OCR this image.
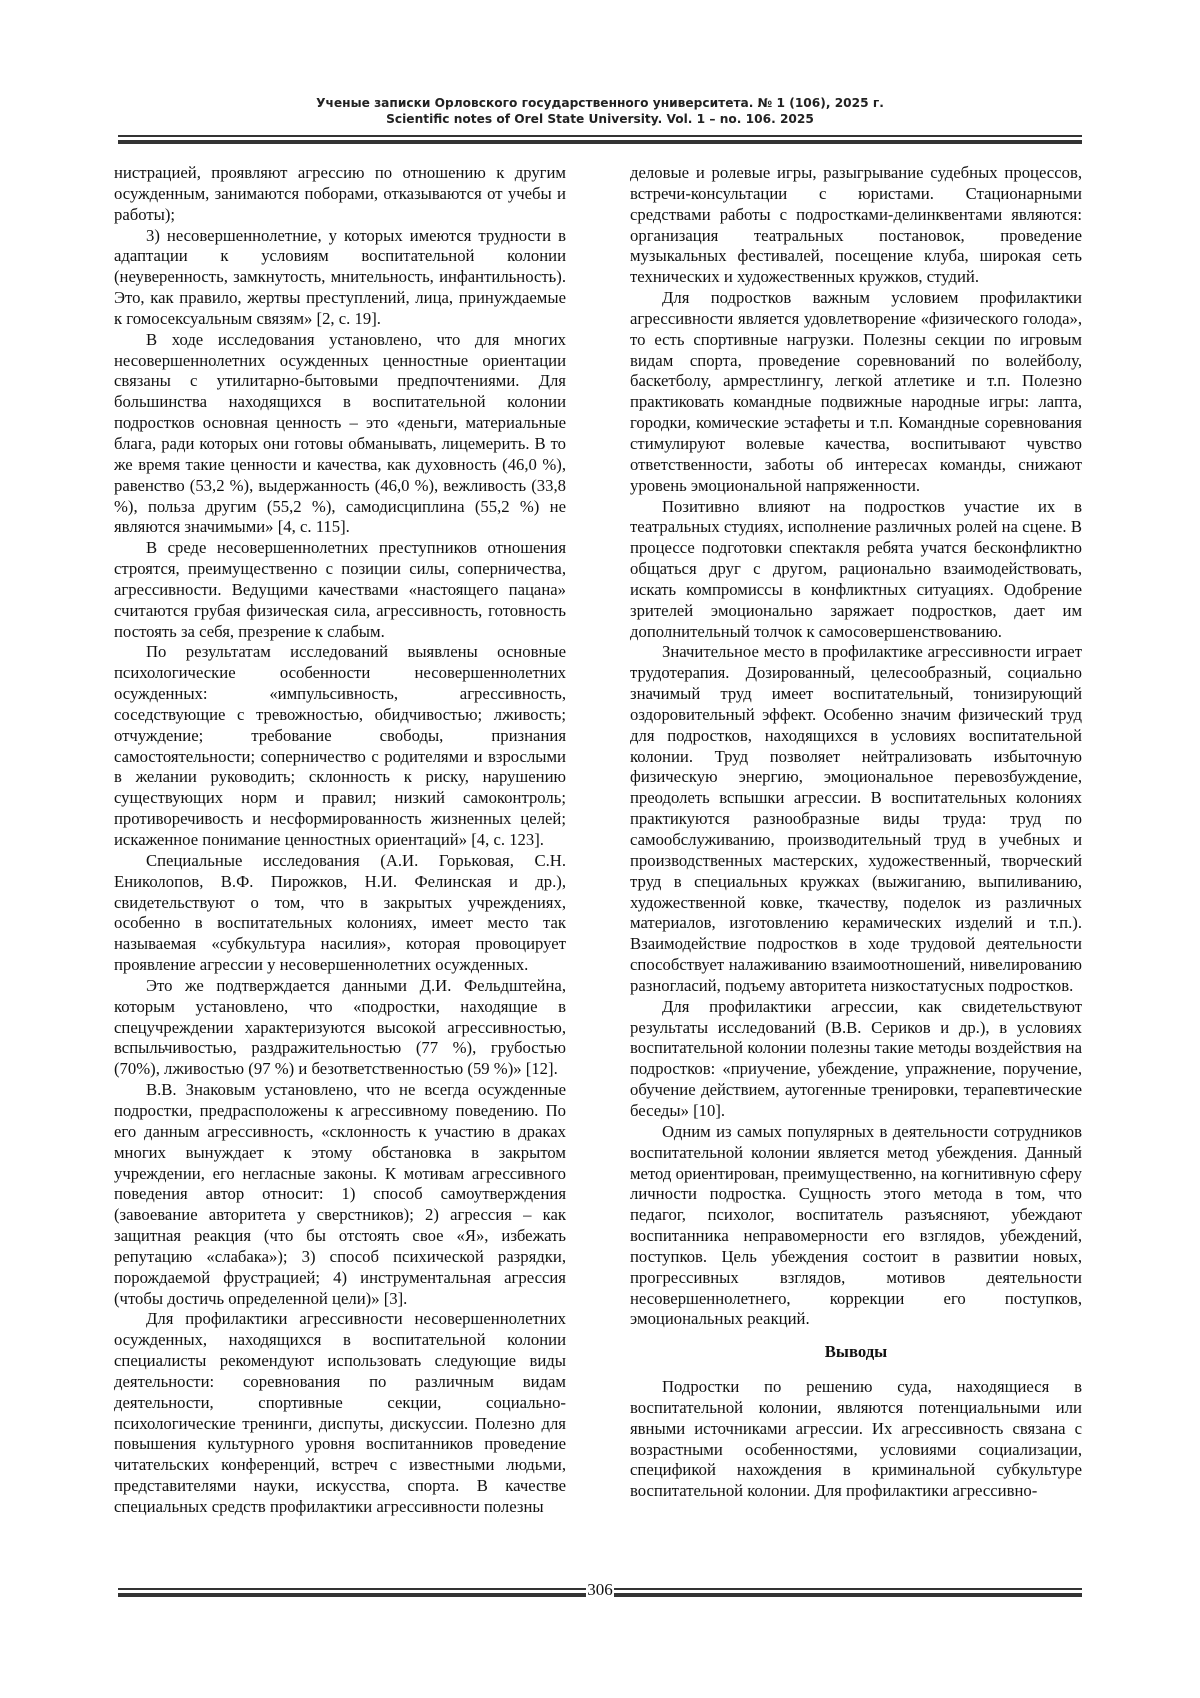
Ученые записки Орловского государственного университета. № 1 (106), 2025 г.
Scientific notes of Orel State University. Vol. 1 – no. 106. 2025

нистрацией, проявляют агрессию по отношению к другим осужденным, занимаются поборами, отказываются от учебы и работы);

3) несовершеннолетние, у которых имеются трудности в адаптации к условиям воспитательной колонии (неуверенность, замкнутость, мнительность, инфантильность). Это, как правило, жертвы преступлений, лица, принуждаемые к гомосексуальным связям» [2, с. 19].

В ходе исследования установлено, что для многих несовершеннолетних осужденных ценностные ориентации связаны с утилитарно-бытовыми предпочтениями. Для большинства находящихся в воспитательной колонии подростков основная ценность – это «деньги, материальные блага, ради которых они готовы обманывать, лицемерить. В то же время такие ценности и качества, как духовность (46,0 %), равенство (53,2 %), выдержанность (46,0 %), вежливость (33,8 %), польза другим (55,2 %), самодисциплина (55,2 %) не являются значимыми» [4, с. 115].

В среде несовершеннолетних преступников отношения строятся, преимущественно с позиции силы, соперничества, агрессивности. Ведущими качествами «настоящего пацана» считаются грубая физическая сила, агрессивность, готовность постоять за себя, презрение к слабым.

По результатам исследований выявлены основные психологические особенности несовершеннолетних осужденных: «импульсивность, агрессивность, соседствующие с тревожностью, обидчивостью; лживость; отчуждение; требование свободы, признания самостоятельности; соперничество с родителями и взрослыми в желании руководить; склонность к риску, нарушению существующих норм и правил; низкий самоконтроль; противоречивость и несформированность жизненных целей; искаженное понимание ценностных ориентаций» [4, с. 123].

Специальные исследования (А.И. Горьковая, С.Н. Ениколопов, В.Ф. Пирожков, Н.И. Фелинская и др.), свидетельствуют о том, что в закрытых учреждениях, особенно в воспитательных колониях, имеет место так называемая «субкультура насилия», которая провоцирует проявление агрессии у несовершеннолетних осужденных.

Это же подтверждается данными Д.И. Фельдштейна, которым установлено, что «подростки, находящие в спецучреждении характеризуются высокой агрессивностью, вспыльчивостью, раздражительностью (77 %), грубостью (70%), лживостью (97 %) и безответственностью (59 %)» [12].

В.В. Знаковым установлено, что не всегда осужденные подростки, предрасположены к агрессивному поведению. По его данным агрессивность, «склонность к участию в драках многих вынуждает к этому обстановка в закрытом учреждении, его негласные законы. К мотивам агрессивного поведения автор относит: 1) способ самоутверждения (завоевание авторитета у сверстников); 2) агрессия – как защитная реакция (что бы отстоять свое «Я», избежать репутацию «слабака»); 3) способ психической разрядки, порождаемой фрустрацией; 4) инструментальная агрессия (чтобы достичь определенной цели)» [3].

Для профилактики агрессивности несовершеннолетних осужденных, находящихся в воспитательной колонии специалисты рекомендуют использовать следующие виды деятельности: соревнования по различным видам деятельности, спортивные секции, социально-психологические тренинги, диспуты, дискуссии. Полезно для повышения культурного уровня воспитанников проведение читательских конференций, встреч с известными людьми, представителями науки, искусства, спорта. В качестве специальных средств профилактики агрессивности полезны

деловые и ролевые игры, разыгрывание судебных процессов, встречи-консультации с юристами. Стационарными средствами работы с подростками-делинквентами являются: организация театральных постановок, проведение музыкальных фестивалей, посещение клуба, широкая сеть технических и художественных кружков, студий.

Для подростков важным условием профилактики агрессивности является удовлетворение «физического голода», то есть спортивные нагрузки. Полезны секции по игровым видам спорта, проведение соревнований по волейболу, баскетболу, армрестлингу, легкой атлетике и т.п. Полезно практиковать командные подвижные народные игры: лапта, городки, комические эстафеты и т.п. Командные соревнования стимулируют волевые качества, воспитывают чувство ответственности, заботы об интересах команды, снижают уровень эмоциональной напряженности.

Позитивно влияют на подростков участие их в театральных студиях, исполнение различных ролей на сцене. В процессе подготовки спектакля ребята учатся бесконфликтно общаться друг с другом, рационально взаимодействовать, искать компромиссы в конфликтных ситуациях. Одобрение зрителей эмоционально заряжает подростков, дает им дополнительный толчок к самосовершенствованию.

Значительное место в профилактике агрессивности играет трудотерапия. Дозированный, целесообразный, социально значимый труд имеет воспитательный, тонизирующий оздоровительный эффект. Особенно значим физический труд для подростков, находящихся в условиях воспитательной колонии. Труд позволяет нейтрализовать избыточную физическую энергию, эмоциональное перевозбуждение, преодолеть вспышки агрессии. В воспитательных колониях практикуются разнообразные виды труда: труд по самообслуживанию, производительный труд в учебных и производственных мастерских, художественный, творческий труд в специальных кружках (выжиганию, выпиливанию, художественной ковке, ткачеству, поделок из различных материалов, изготовлению керамических изделий и т.п.). Взаимодействие подростков в ходе трудовой деятельности способствует налаживанию взаимоотношений, нивелированию разногласий, подъему авторитета низкостатусных подростков.

Для профилактики агрессии, как свидетельствуют результаты исследований (В.В. Сериков и др.), в условиях воспитательной колонии полезны такие методы воздействия на подростков: «приучение, убеждение, упражнение, поручение, обучение действием, аутогенные тренировки, терапевтические беседы» [10].

Одним из самых популярных в деятельности сотрудников воспитательной колонии является метод убеждения. Данный метод ориентирован, преимущественно, на когнитивную сферу личности подростка. Сущность этого метода в том, что педагог, психолог, воспитатель разъясняют, убеждают воспитанника неправомерности его взглядов, убеждений, поступков. Цель убеждения состоит в развитии новых, прогрессивных взглядов, мотивов деятельности несовершеннолетнего, коррекции его поступков, эмоциональных реакций.

Выводы

Подростки по решению суда, находящиеся в воспитательной колонии, являются потенциальными или явными источниками агрессии. Их агрессивность связана с возрастными особенностями, условиями социализации, спецификой нахождения в криминальной субкультуре воспитательной колонии. Для профилактики агрессивно-

306
